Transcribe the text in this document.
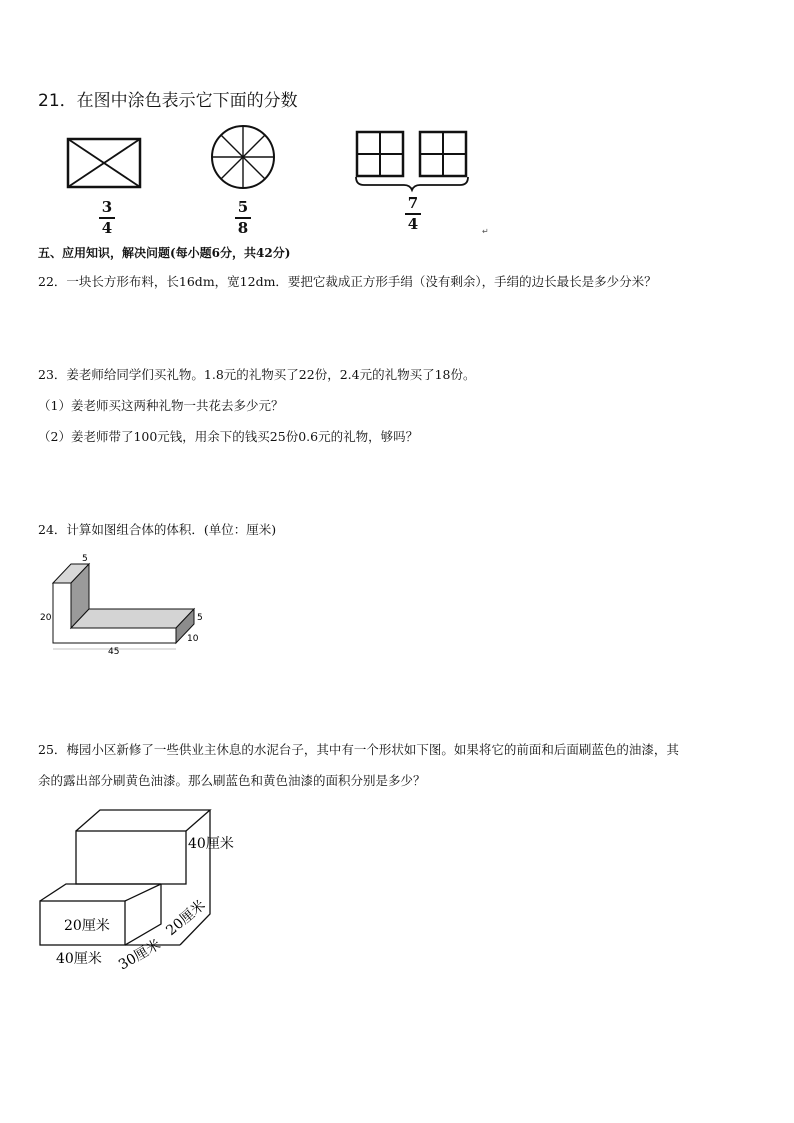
21．在图中涂色表示它下面的分数
↵
3
4
5
8
7
4
五、应用知识，解决问题(每小题6分，共42分)
22．一块长方形布料，长16dm，宽12dm．要把它裁成正方形手绢（没有剩余），手绢的边长最长是多少分米？
23．姜老师给同学们买礼物。1.8元的礼物买了22份，2.4元的礼物买了18份。
（1）姜老师买这两种礼物一共花去多少元？
（2）姜老师带了100元钱，用余下的钱买25份0.6元的礼物，够吗？
24．计算如图组合体的体积．(单位：厘米)
5
20	5
10
45
25．梅园小区新修了一些供业主休息的水泥台子，其中有一个形状如下图。如果将它的前面和后面刷蓝色的油漆，其
余的露出部分刷黄色油漆。那么刷蓝色和黄色油漆的面积分别是多少？
40厘米
20厘米
40厘米 30厘米
20厘米
